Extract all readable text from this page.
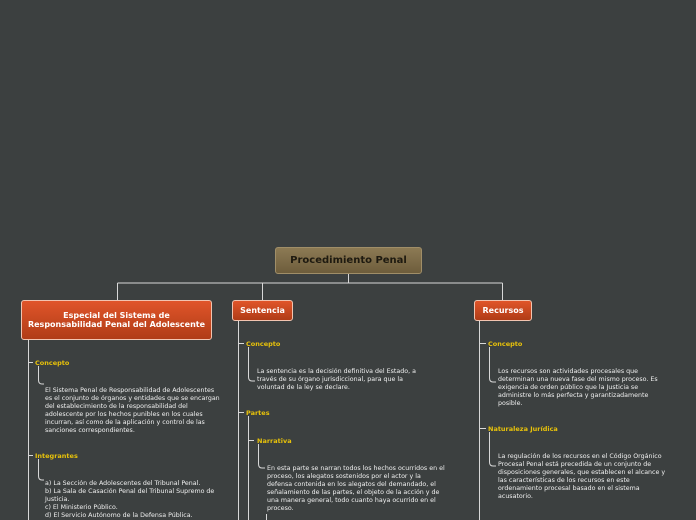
Procedimiento Penal
Especial del Sistema de Responsabilidad Penal del Adolescente
Concepto
El Sistema Penal de Responsabilidad de Adolescentes es el conjunto de órganos y entidades que se encargan del establecimiento de la responsabilidad del adolescente por los hechos punibles en los cuales incurran, así como de la aplicación y control de las sanciones correspondientes.
Integrantes
a) La Sección de Adolescentes del Tribunal Penal.
b) La Sala de Casación Penal del Tribunal Supremo de Justicia.
c) El Ministerio Público.
d) El Servicio Autónomo de la Defensa Pública.
Sentencia
Concepto
La sentencia es la decisión definitiva del Estado, a través de su órgano jurisdiccional, para que la voluntad de la ley se declare.
Partes
Narrativa
En esta parte se narran todos los hechos ocurridos en el proceso, los alegatos sostenidos por el actor y la defensa contenida en los alegatos del demandado, el señalamiento de las partes, el objeto de la acción y de una manera general, todo cuanto haya ocurrido en el proceso.
Recursos
Concepto
Los recursos son actividades procesales que determinan una nueva fase del mismo proceso. Es exigencia de orden público que la Justicia se administre lo más perfecta y garantizadamente posible.
Naturaleza Jurídica
La regulación de los recursos en el Código Orgánico Procesal Penal está precedida de un conjunto de disposiciones generales, que establecen el alcance y las características de los recursos en este ordenamiento procesal basado en el sistema acusatorio.
